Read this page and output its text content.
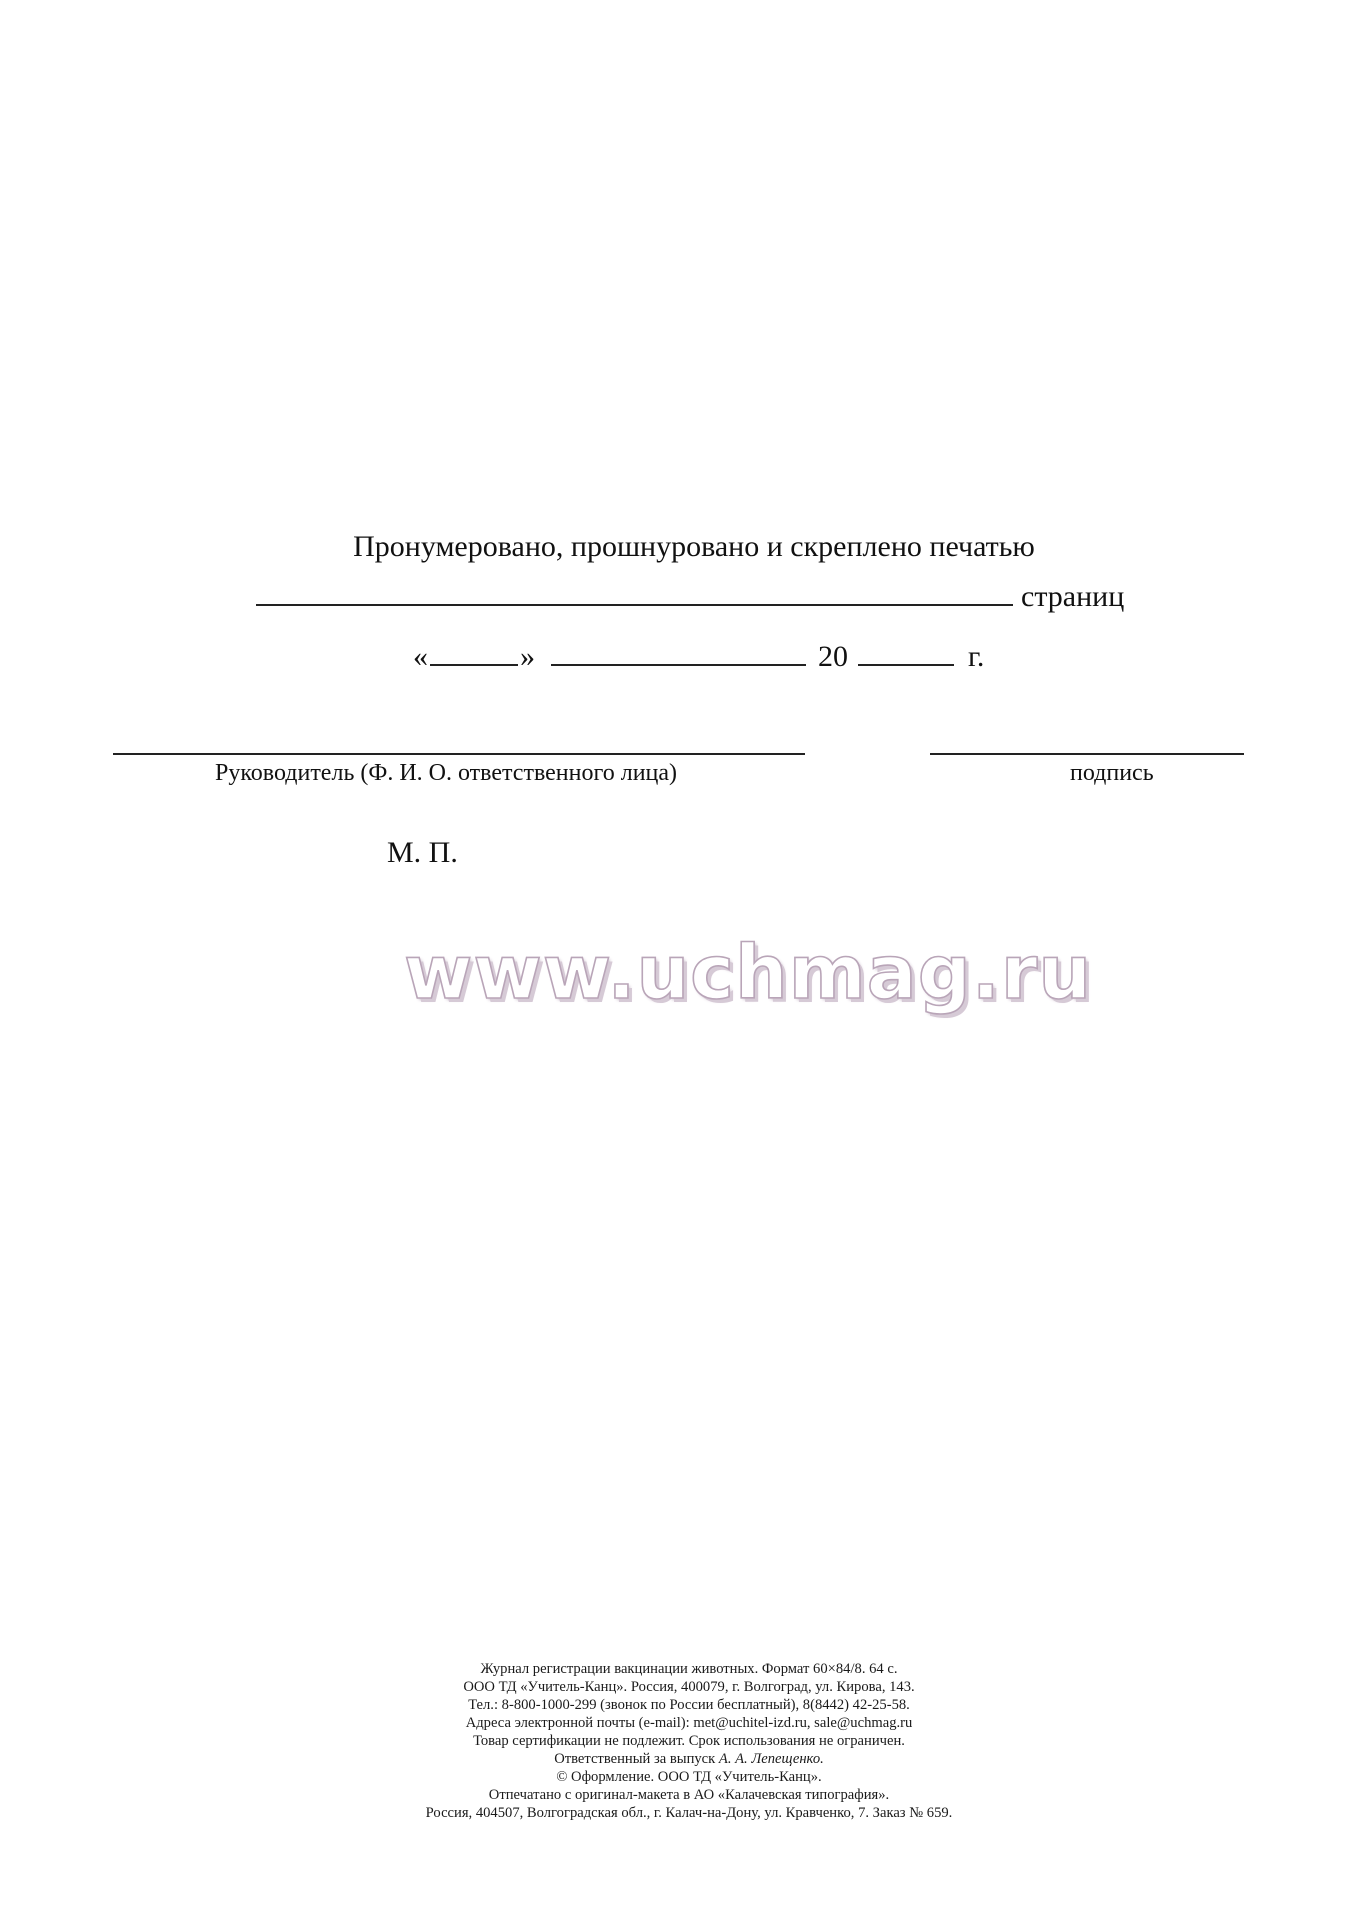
Пронумеровано, прошнуровано и скреплено печатью
страниц
«	»	20	г.
Руководитель (Ф. И. О. ответственного лица)	подпись
М. П.
www.uchmag.ru
Журнал регистрации вакцинации животных. Формат 60×84/8. 64 с.
ООО ТД «Учитель-Канц». Россия, 400079, г. Волгоград, ул. Кирова, 143.
Тел.: 8-800-1000-299 (звонок по России бесплатный), 8(8442) 42-25-58.
Адреса электронной почты (e-mail): met@uchitel-izd.ru, sale@uchmag.ru
Товар сертификации не подлежит. Срок использования не ограничен.
Ответственный за выпуск А. А. Лепещенко.
© Оформление. ООО ТД «Учитель-Канц».
Отпечатано с оригинал-макета в АО «Калачевская типография».
Россия, 404507, Волгоградская обл., г. Калач-на-Дону, ул. Кравченко, 7. Заказ № 659.
